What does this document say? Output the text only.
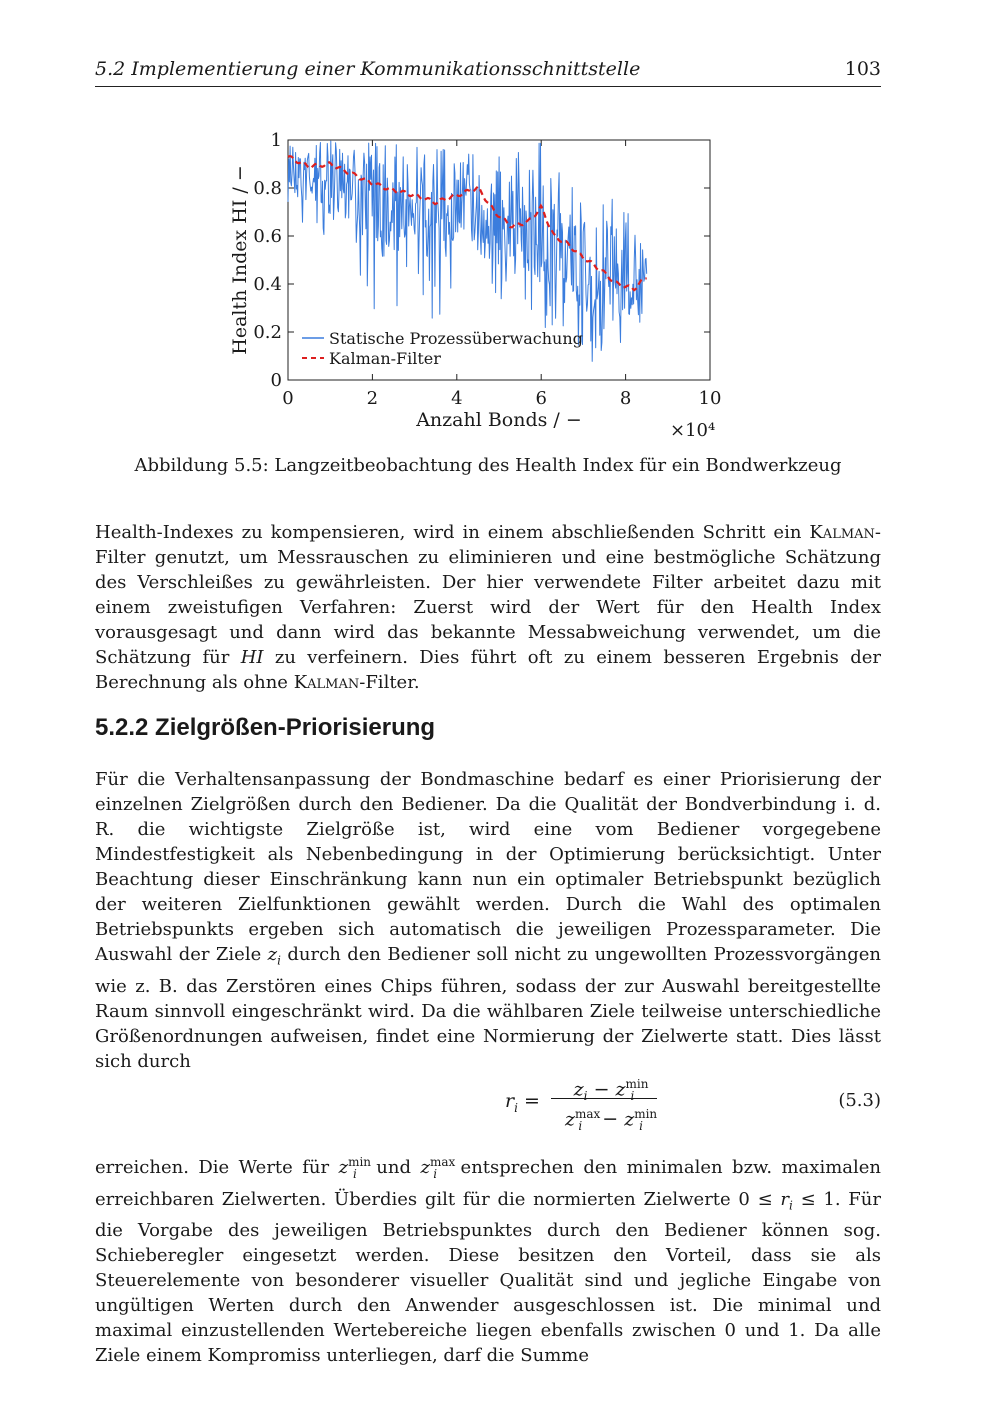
5.2 Implementierung einer Kommunikationsschnittstelle	103
0	2	4	6	8	10
0
0.2
0.4
0.6
0.8
1
Statische Prozessüberwachung
Kalman-Filter
Anzahl Bonds / −
Health Index HI / −
×10⁴
Abbildung 5.5: Langzeitbeobachtung des Health Index für ein Bondwerkzeug

Health-Indexes zu kompensieren, wird in einem abschließenden Schritt ein Kalman-Filter genutzt, um Messrauschen zu eliminieren und eine bestmögliche Schätzung des Verschleißes zu gewährleisten. Der hier verwendete Filter arbeitet dazu mit einem zweistufigen Verfahren: Zuerst wird der Wert für den Health Index vorausgesagt und dann wird das bekannte Messabweichung verwendet, um die Schätzung für HI zu verfeinern. Dies führt oft zu einem besseren Ergebnis der Berechnung als ohne Kalman-Filter.

5.2.2 Zielgrößen-Priorisierung

Für die Verhaltensanpassung der Bondmaschine bedarf es einer Priorisierung der einzelnen Zielgrößen durch den Bediener. Da die Qualität der Bondverbindung i. d. R. die wichtigste Zielgröße ist, wird eine vom Bediener vorgegebene Mindestfestigkeit als Nebenbedingung in der Optimierung berücksichtigt. Unter Beachtung dieser Einschränkung kann nun ein optimaler Betriebspunkt bezüglich der weiteren Zielfunktionen gewählt werden. Durch die Wahl des optimalen Betriebspunkts ergeben sich automatisch die jeweiligen Prozessparameter. Die Auswahl der Ziele $z_i$ durch den Bediener soll nicht zu ungewollten Prozessvorgängen wie z. B. das Zerstören eines Chips führen, sodass der zur Auswahl bereitgestellte Raum sinnvoll eingeschränkt wird. Da die wählbaren Ziele teilweise unterschiedliche Größenordnungen aufweisen, findet eine Normierung der Zielwerte statt. Dies lässt sich durch

$r_i$ =
$z_i - z^{min}_i$
$z^{max}_i - z^{min}_i$
(5.3)

erreichen. Die Werte für $z^{min}_i$ und $z^{max}_i$ entsprechen den minimalen bzw. maximalen erreichbaren Zielwerten. Überdies gilt für die normierten Zielwerte $0 \le r_i \le 1$. Für die Vorgabe des jeweiligen Betriebspunktes durch den Bediener können sog. Schieberegler eingesetzt werden. Diese besitzen den Vorteil, dass sie als Steuerelemente von besonderer visueller Qualität sind und jegliche Eingabe von ungültigen Werten durch den Anwender ausgeschlossen ist. Die minimal und maximal einzustellenden Wertebereiche liegen ebenfalls zwischen 0 und 1. Da alle Ziele einem Kompromiss unterliegen, darf die Summe
